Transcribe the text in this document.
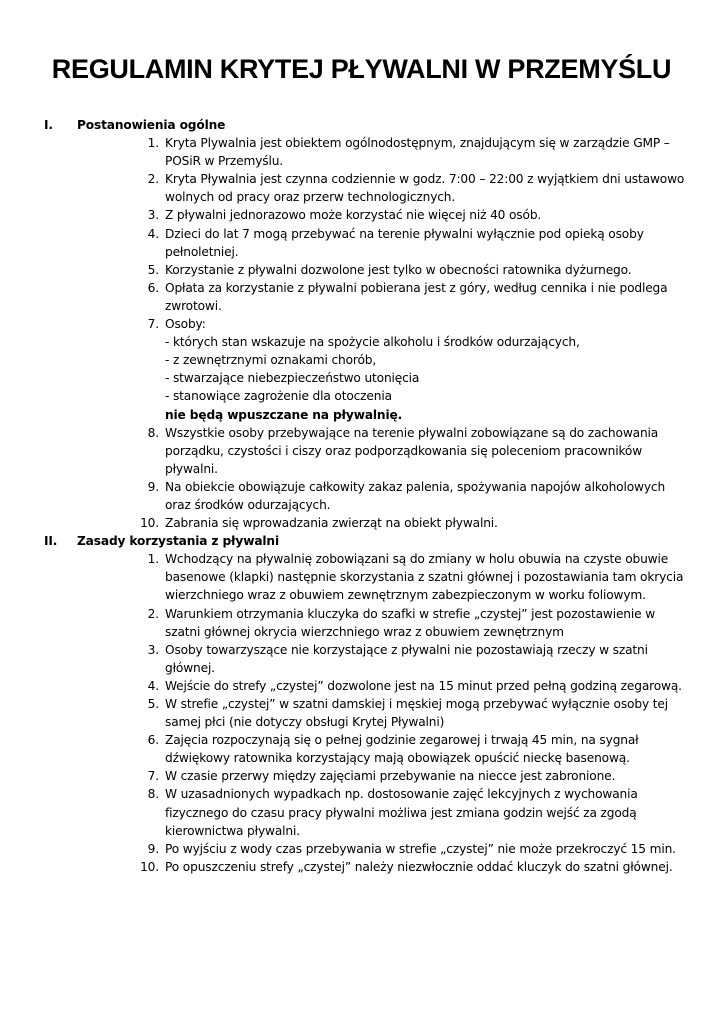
REGULAMIN KRYTEJ PŁYWALNI W PRZEMYŚLU
I. Postanowienia ogólne
1. Kryta Plywalnia jest obiektem ogólnodostępnym, znajdującym się w zarządzie GMP – POSiR w Przemyślu.
2. Kryta Pływalnia jest czynna codziennie w godz. 7:00 – 22:00 z wyjątkiem dni ustawowo wolnych od pracy oraz przerw technologicznych.
3. Z pływalni jednorazowo może korzystać nie więcej niż 40 osób.
4. Dzieci do lat 7 mogą przebywać na terenie pływalni wyłącznie pod opieką osoby pełnoletniej.
5. Korzystanie z pływalni dozwolone jest tylko w obecności ratownika dyżurnego.
6. Opłata za korzystanie z pływalni pobierana jest z góry, według cennika i nie podlega zwrotowi.
7. Osoby:
- których stan wskazuje na spożycie alkoholu i środków odurzających,
- z zewnętrznymi oznakami chorób,
- stwarzające niebezpieczeństwo utonięcia
- stanowiące zagrożenie dla otoczenia
nie będą wpuszczane na pływalnię.
8. Wszystkie osoby przebywające na terenie pływalni zobowiązane są do zachowania porządku, czystości i ciszy oraz podporządkowania się poleceniom pracowników pływalni.
9. Na obiekcie obowiązuje całkowity zakaz palenia, spożywania napojów alkoholowych oraz środków odurzających.
10. Zabrania się wprowadzania zwierząt na obiekt pływalni.
II. Zasady korzystania z pływalni
1. Wchodzący na pływalnię zobowiązani są do zmiany w holu obuwia na czyste obuwie basenowe (klapki) następnie skorzystania z szatni głównej i pozostawiania tam okrycia wierzchniego wraz z obuwiem zewnętrznym zabezpieczonym w worku foliowym.
2. Warunkiem otrzymania kluczyka do szafki w strefie „czystej” jest pozostawienie w szatni głównej okrycia wierzchniego wraz z obuwiem zewnętrznym
3. Osoby towarzyszące nie korzystające z pływalni nie pozostawiają rzeczy w szatni głównej.
4. Wejście do strefy „czystej” dozwolone jest na 15 minut przed pełną godziną zegarową.
5. W strefie „czystej” w szatni damskiej i męskiej mogą przebywać wyłącznie osoby tej samej płci (nie dotyczy obsługi Krytej Pływalni)
6. Zajęcia rozpoczynają się o pełnej godzinie zegarowej i trwają 45 min, na sygnał dźwiękowy ratownika korzystający mają obowiązek opuścić nieckę basenową.
7. W czasie przerwy między zajęciami przebywanie na niecce jest zabronione.
8. W uzasadnionych wypadkach np. dostosowanie zajęć lekcyjnych z wychowania fizycznego do czasu pracy pływalni możliwa jest zmiana godzin wejść za zgodą kierownictwa pływalni.
9. Po wyjściu z wody czas przebywania w strefie „czystej” nie może przekroczyć 15 min.
10. Po opuszczeniu strefy „czystej” należy niezwłocznie oddać kluczyk do szatni głównej.
